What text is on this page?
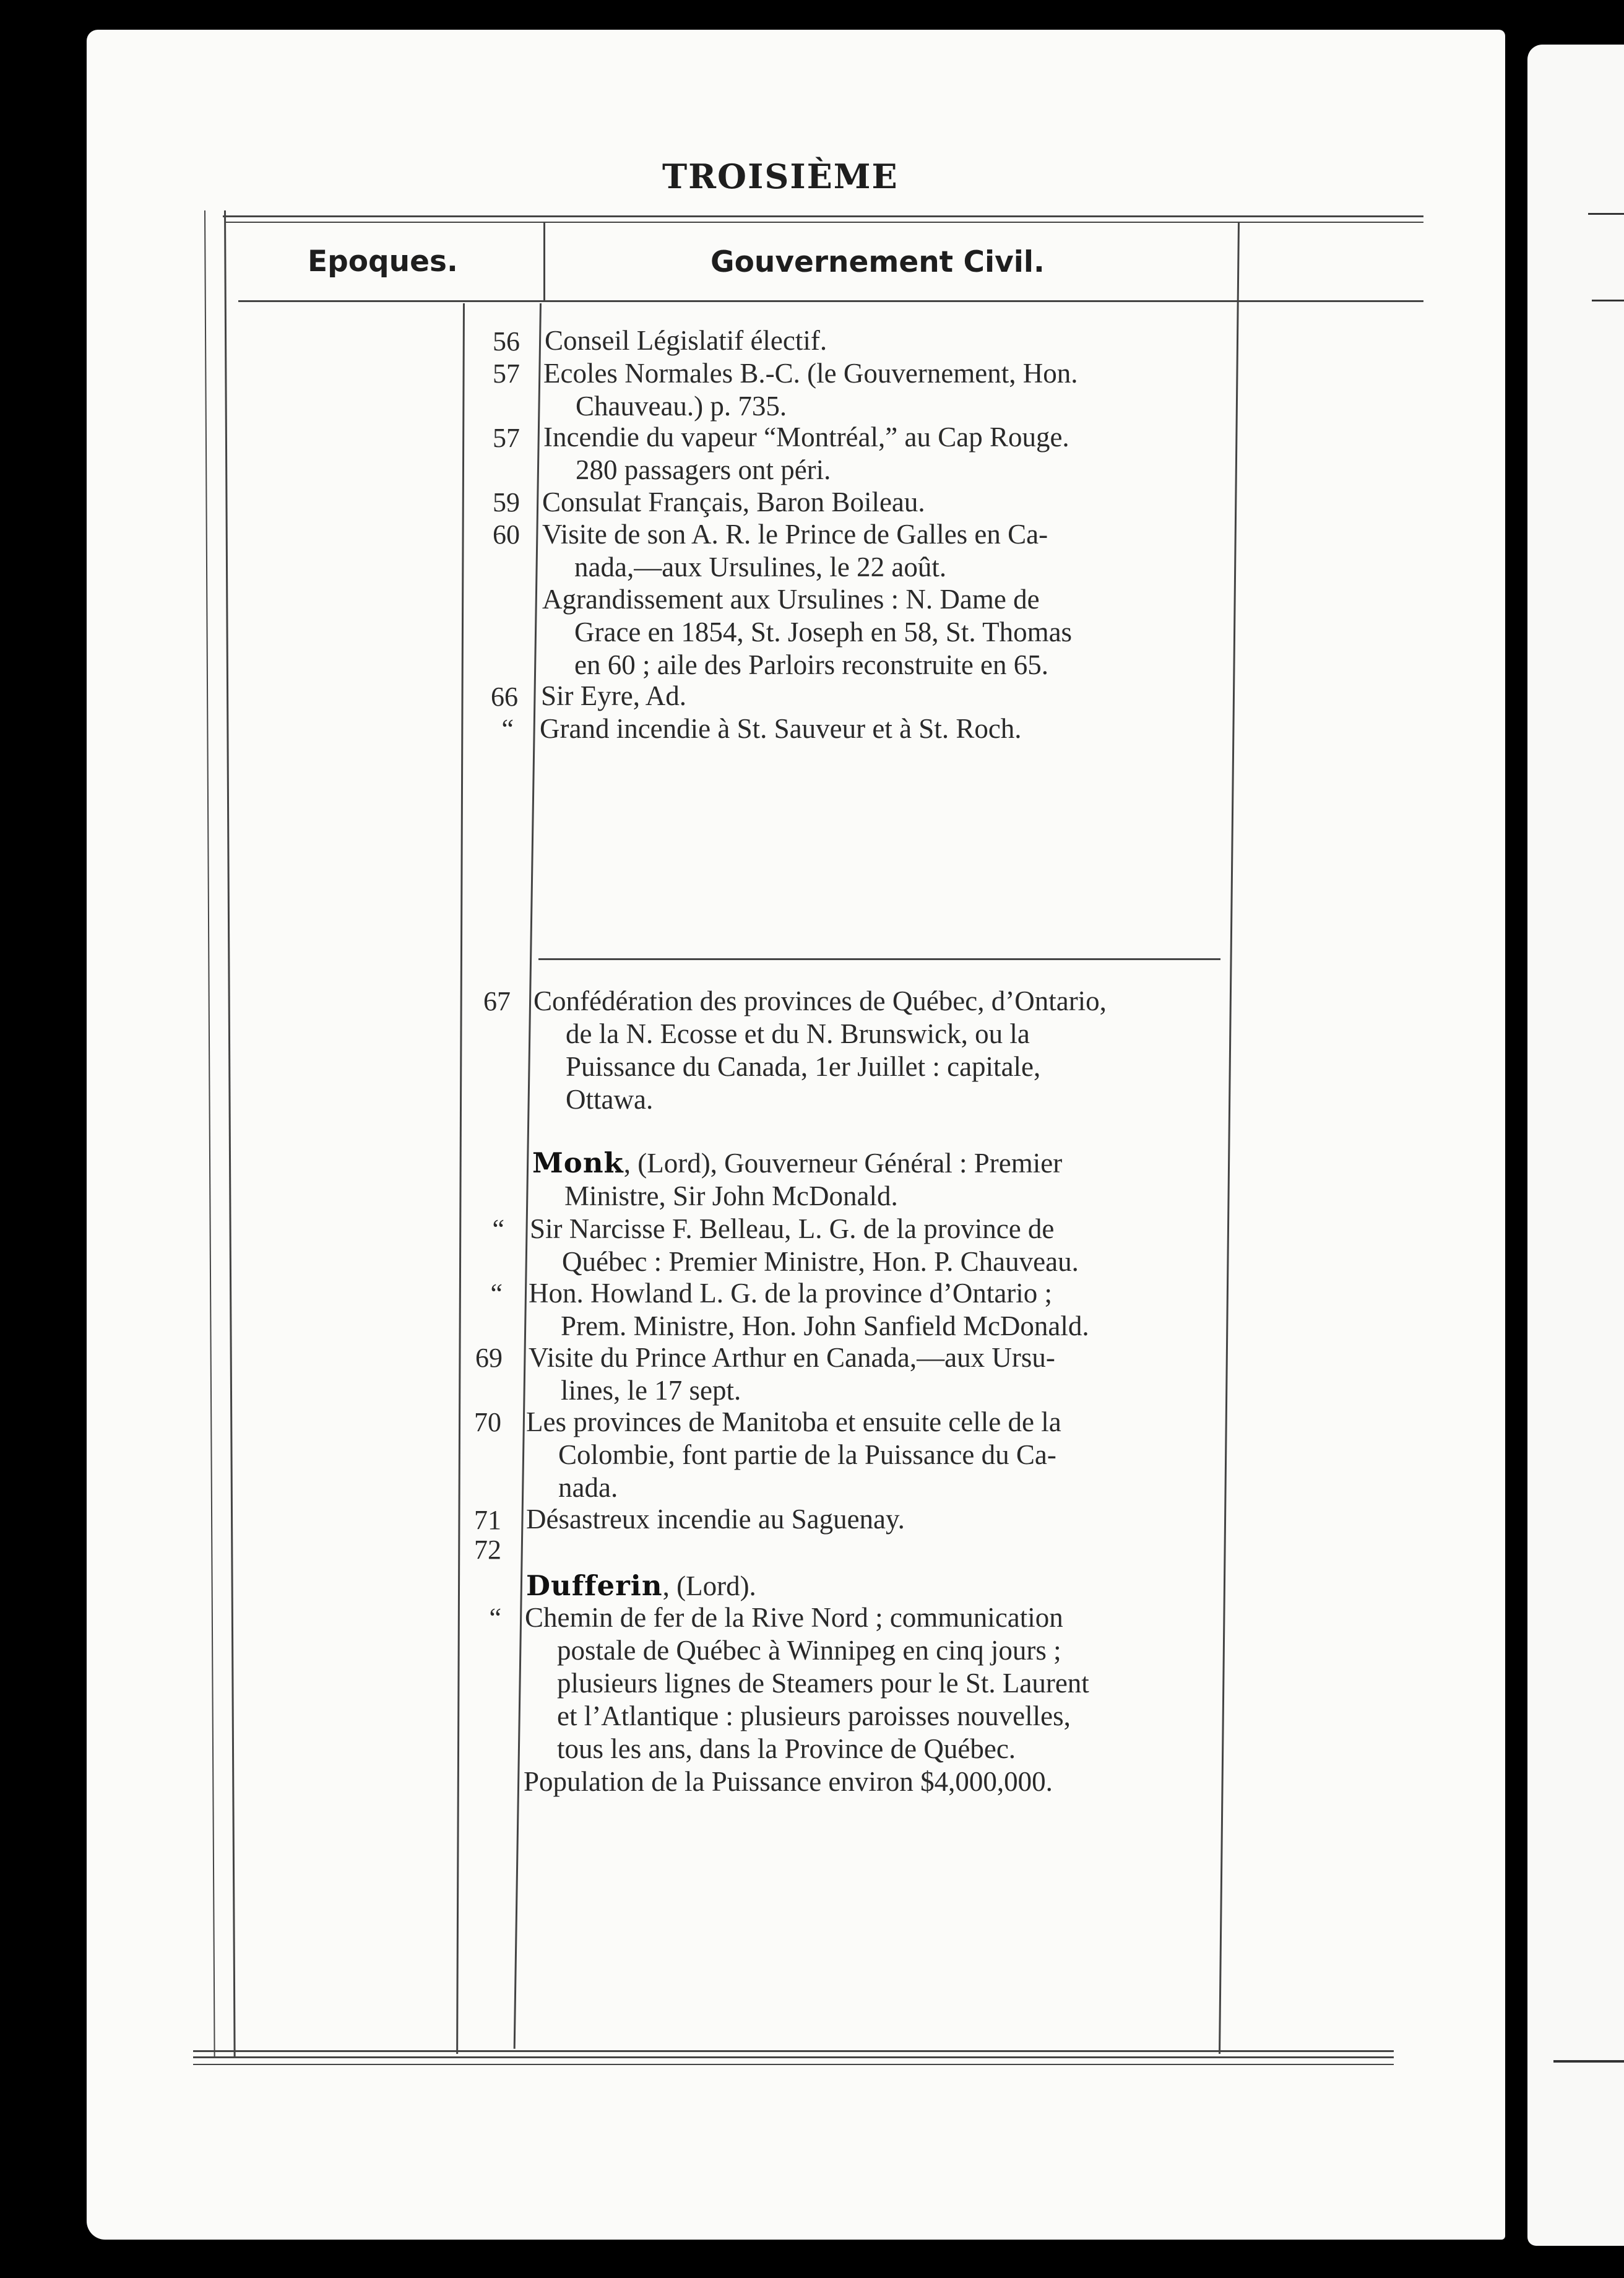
TROISIÈME
Epoques.	Gouvernement Civil.
56 Conseil Législatif électif.
57 Ecoles Normales B.-C. (le Gouvernement, Hon.
Chauveau.) p. 735.
57 Incendie du vapeur “Montréal,” au Cap Rouge.
280 passagers ont péri.
59 Consulat Français, Baron Boileau.
60 Visite de son A. R. le Prince de Galles en Ca-
nada,—aux Ursulines, le 22 août.
Agrandissement aux Ursulines : N. Dame de
Grace en 1854, St. Joseph en 58, St. Thomas
en 60 ; aile des Parloirs reconstruite en 65.
66 Sir Eyre, Ad.
“ Grand incendie à St. Sauveur et à St. Roch.
67 Confédération des provinces de Québec, d’Ontario,
de la N. Ecosse et du N. Brunswick, ou la
Puissance du Canada, 1er Juillet : capitale,
Ottawa.
Monk, (Lord), Gouverneur Général : Premier
Ministre, Sir John McDonald.
“ Sir Narcisse F. Belleau, L. G. de la province de
Québec : Premier Ministre, Hon. P. Chauveau.
“ Hon. Howland L. G. de la province d’Ontario ;
Prem. Ministre, Hon. John Sanfield McDonald.
69 Visite du Prince Arthur en Canada,—aux Ursu-
lines, le 17 sept.
70 Les provinces de Manitoba et ensuite celle de la
Colombie, font partie de la Puissance du Ca-
nada.
71 Désastreux incendie au Saguenay.
72
Dufferin, (Lord).
“ Chemin de fer de la Rive Nord ; communication
postale de Québec à Winnipeg en cinq jours ;
plusieurs lignes de Steamers pour le St. Laurent
et l’Atlantique : plusieurs paroisses nouvelles,
tous les ans, dans la Province de Québec.
Population de la Puissance environ $4,000,000.
